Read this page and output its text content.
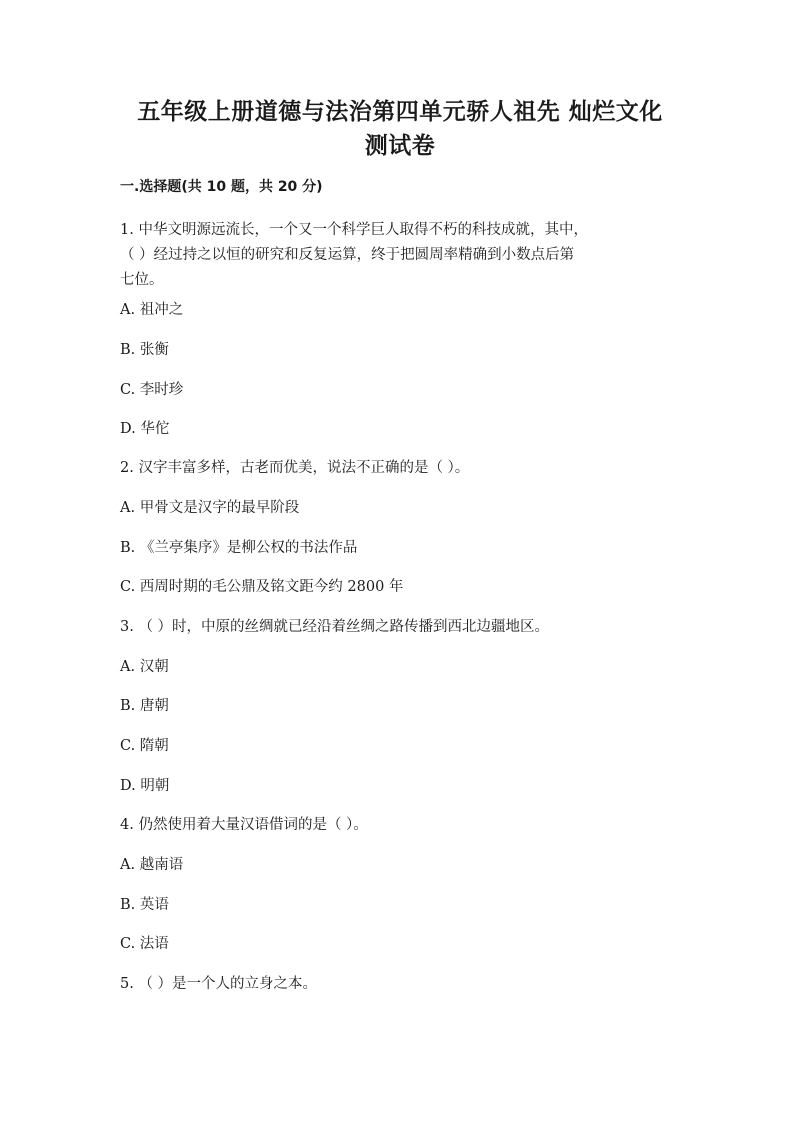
五年级上册道德与法治第四单元骄人祖先 灿烂文化
测试卷
一.选择题(共 10 题，共 20 分)
1. 中华文明源远流长，一个又一个科学巨人取得不朽的科技成就，其中，
（ ）经过持之以恒的研究和反复运算，终于把圆周率精确到小数点后第
七位。
A. 祖冲之
B. 张衡
C. 李时珍
D. 华佗
2. 汉字丰富多样，古老而优美，说法不正确的是（ ）。
A. 甲骨文是汉字的最早阶段
B. 《兰亭集序》是柳公权的书法作品
C. 西周时期的毛公鼎及铭文距今约 2800 年
3. （ ）时，中原的丝绸就已经沿着丝绸之路传播到西北边疆地区。
A. 汉朝
B. 唐朝
C. 隋朝
D. 明朝
4. 仍然使用着大量汉语借词的是（ ）。
A. 越南语
B. 英语
C. 法语
5. （ ）是一个人的立身之本。
